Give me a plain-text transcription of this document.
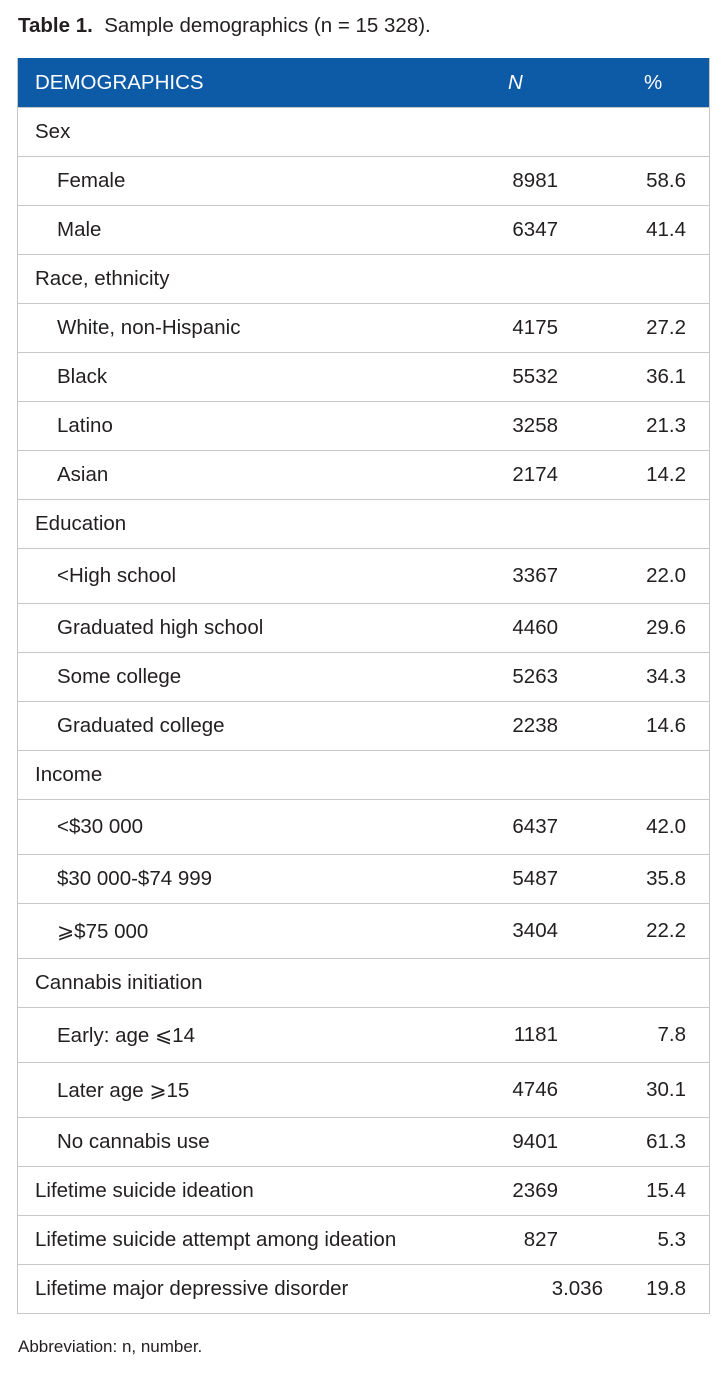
Table 1. Sample demographics (n = 15 328).
DEMOGRAPHICS	N	%
Sex
Female	8981	58.6
Male	6347	41.4
Race, ethnicity
White, non-Hispanic	4175	27.2
Black	5532	36.1
Latino	3258	21.3
Asian	2174	14.2
Education
<High school	3367	22.0
Graduated high school	4460	29.6
Some college	5263	34.3
Graduated college	2238	14.6
Income
<$30 000	6437	42.0
$30 000-$74 999	5487	35.8
⩾$75 000	3404	22.2
Cannabis initiation
Early: age ⩽14	1181	7.8
Later age ⩾15	4746	30.1
No cannabis use	9401	61.3
Lifetime suicide ideation	2369	15.4
Lifetime suicide attempt among ideation	827	5.3
Lifetime major depressive disorder	3.036	19.8
Abbreviation: n, number.
